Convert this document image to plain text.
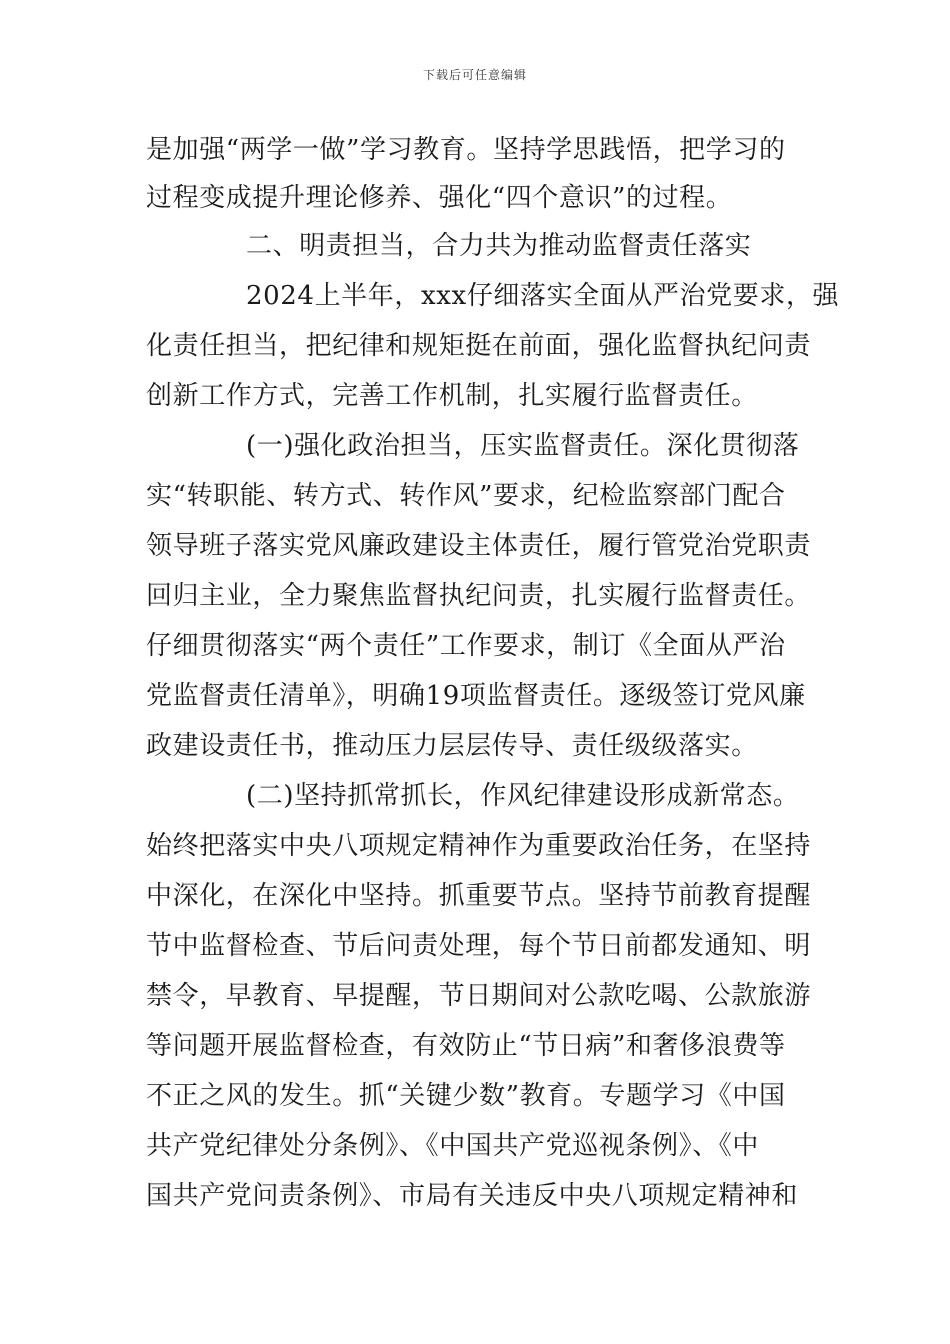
下载后可任意编辑
是加强“两学一做”学习教育。坚持学思践悟，把学习的
过程变成提升理论修养、强化“四个意识”的过程。
二、明责担当，合力共为推动监督责任落实
2024上半年，xxx仔细落实全面从严治党要求，强
化责任担当，把纪律和规矩挺在前面，强化监督执纪问责
创新工作方式，完善工作机制，扎实履行监督责任。
(一)强化政治担当，压实监督责任。深化贯彻落
实“转职能、转方式、转作风”要求，纪检监察部门配合
领导班子落实党风廉政建设主体责任，履行管党治党职责
回归主业，全力聚焦监督执纪问责，扎实履行监督责任。
仔细贯彻落实“两个责任”工作要求，制订《全面从严治
党监督责任清单》，明确19项监督责任。逐级签订党风廉
政建设责任书，推动压力层层传导、责任级级落实。
(二)坚持抓常抓长，作风纪律建设形成新常态。
始终把落实中央八项规定精神作为重要政治任务，在坚持
中深化，在深化中坚持。抓重要节点。坚持节前教育提醒
节中监督检查、节后问责处理，每个节日前都发通知、明
禁令，早教育、早提醒，节日期间对公款吃喝、公款旅游
等问题开展监督检查，有效防止“节日病”和奢侈浪费等
不正之风的发生。抓“关键少数”教育。专题学习《中国
共产党纪律处分条例》、《中国共产党巡视条例》、《中
国共产党问责条例》、市局有关违反中央八项规定精神和
